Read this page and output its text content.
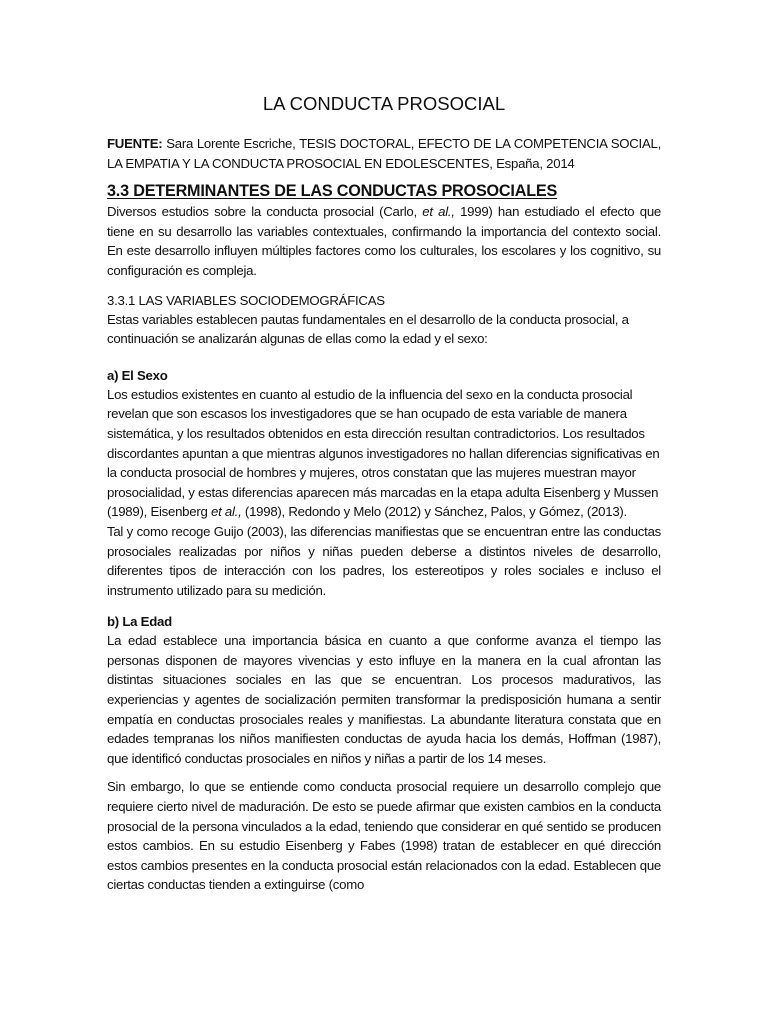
LA CONDUCTA PROSOCIAL

FUENTE: Sara Lorente Escriche, TESIS DOCTORAL, EFECTO DE LA COMPETENCIA SOCIAL, LA EMPATIA Y LA CONDUCTA PROSOCIAL EN EDOLESCENTES, España, 2014

3.3 DETERMINANTES DE LAS CONDUCTAS PROSOCIALES

Diversos estudios sobre la conducta prosocial (Carlo, et al., 1999) han estudiado el efecto que tiene en su desarrollo las variables contextuales, confirmando la importancia del contexto social. En este desarrollo influyen múltiples factores como los culturales, los escolares y los cognitivo, su configuración es compleja.

3.3.1 LAS VARIABLES SOCIODEMOGRÁFICAS

Estas variables establecen pautas fundamentales en el desarrollo de la conducta prosocial, a continuación se analizarán algunas de ellas como la edad y el sexo:

a) El Sexo

Los estudios existentes en cuanto al estudio de la influencia del sexo en la conducta prosocial revelan que son escasos los investigadores que se han ocupado de esta variable de manera sistemática, y los resultados obtenidos en esta dirección resultan contradictorios. Los resultados discordantes apuntan a que mientras algunos investigadores no hallan diferencias significativas en la conducta prosocial de hombres y mujeres, otros constatan que las mujeres muestran mayor prosocialidad, y estas diferencias aparecen más marcadas en la etapa adulta Eisenberg y Mussen (1989), Eisenberg et al., (1998), Redondo y Melo (2012) y Sánchez, Palos, y Gómez, (2013).

Tal y como recoge Guijo (2003), las diferencias manifiestas que se encuentran entre las conductas prosociales realizadas por niños y niñas pueden deberse a distintos niveles de desarrollo, diferentes tipos de interacción con los padres, los estereotipos y roles sociales e incluso el instrumento utilizado para su medición.

b) La Edad

La edad establece una importancia básica en cuanto a que conforme avanza el tiempo las personas disponen de mayores vivencias y esto influye en la manera en la cual afrontan las distintas situaciones sociales en las que se encuentran. Los procesos madurativos, las experiencias y agentes de socialización permiten transformar la predisposición humana a sentir empatía en conductas prosociales reales y manifiestas. La abundante literatura constata que en edades tempranas los niños manifiesten conductas de ayuda hacia los demás, Hoffman (1987), que identificó conductas prosociales en niños y niñas a partir de los 14 meses.

Sin embargo, lo que se entiende como conducta prosocial requiere un desarrollo complejo que requiere cierto nivel de maduración. De esto se puede afirmar que existen cambios en la conducta prosocial de la persona vinculados a la edad, teniendo que considerar en qué sentido se producen estos cambios. En su estudio Eisenberg y Fabes (1998) tratan de establecer en qué dirección estos cambios presentes en la conducta prosocial están relacionados con la edad. Establecen que ciertas conductas tienden a extinguirse (como
